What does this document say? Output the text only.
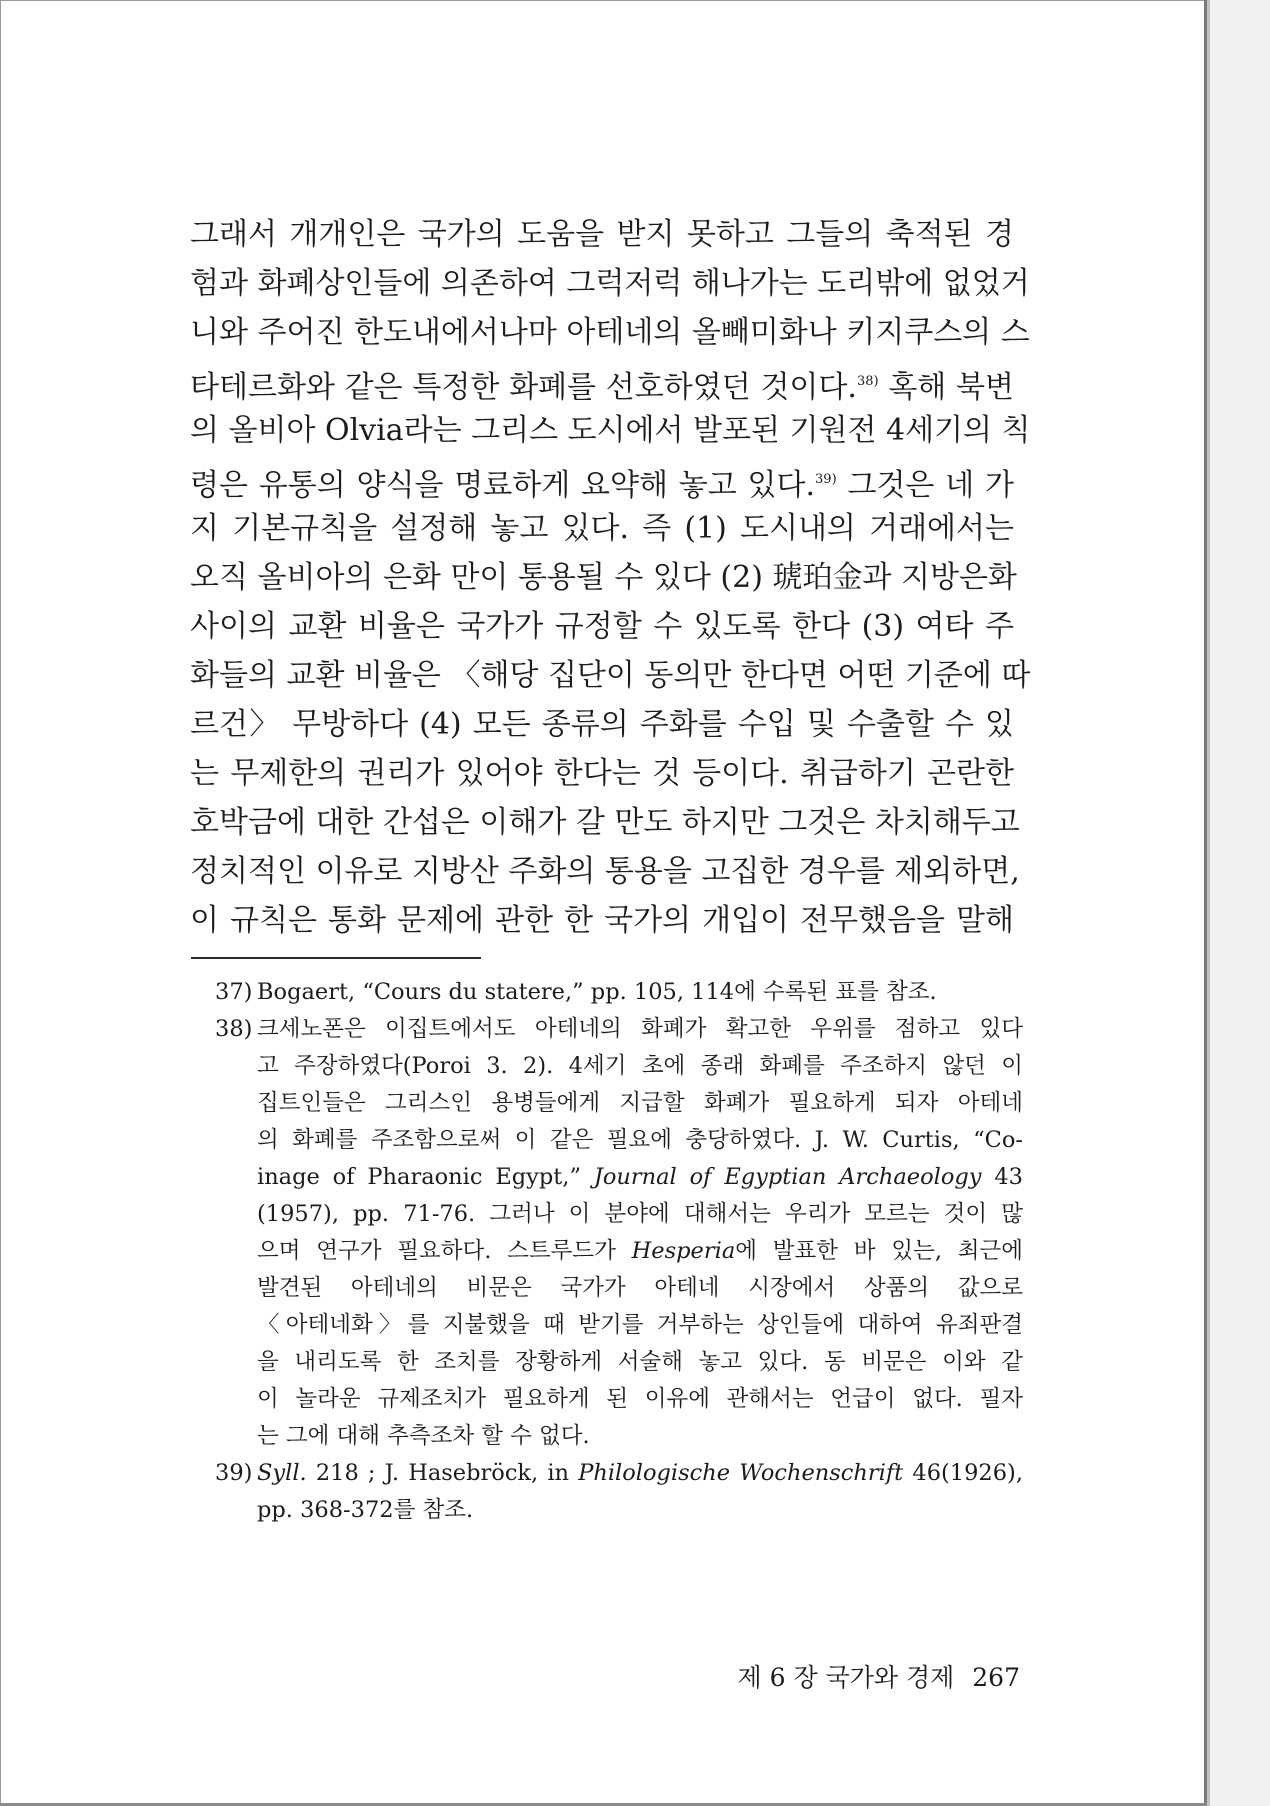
그래서 개개인은 국가의 도움을 받지 못하고 그들의 축적된 경
험과 화폐상인들에 의존하여 그럭저럭 해나가는 도리밖에 없었거
니와 주어진 한도내에서나마 아테네의 올빼미화나 키지쿠스의 스
타테르화와 같은 특정한 화폐를 선호하였던 것이다.$^{38)}$ 혹해 북변
의 올비아 Olvia라는 그리스 도시에서 발포된 기원전 4세기의 칙
령은 유통의 양식을 명료하게 요약해 놓고 있다.$^{39)}$ 그것은 네 가
지 기본규칙을 설정해 놓고 있다. 즉 (1) 도시내의 거래에서는
오직 올비아의 은화 만이 통용될 수 있다 (2) 琥珀金과 지방은화
사이의 교환 비율은 국가가 규정할 수 있도록 한다 (3) 여타 주
화들의 교환 비율은 〈해당 집단이 동의만 한다면 어떤 기준에 따
르건〉 무방하다 (4) 모든 종류의 주화를 수입 및 수출할 수 있
는 무제한의 권리가 있어야 한다는 것 등이다. 취급하기 곤란한
호박금에 대한 간섭은 이해가 갈 만도 하지만 그것은 차치해두고
정치적인 이유로 지방산 주화의 통용을 고집한 경우를 제외하면,
이 규칙은 통화 문제에 관한 한 국가의 개입이 전무했음을 말해
37) Bogaert, “Cours du statere,” pp. 105, 114에 수록된 표를 참조.
38) 크세노폰은 이집트에서도 아테네의 화폐가 확고한 우위를 점하고 있다
고 주장하였다(Poroi 3. 2). 4세기 초에 종래 화폐를 주조하지 않던 이
집트인들은 그리스인 용병들에게 지급할 화폐가 필요하게 되자 아테네
의 화폐를 주조함으로써 이 같은 필요에 충당하였다. J. W. Curtis, “Co-
inage of Pharaonic Egypt,” Journal of Egyptian Archaeology 43
(1957), pp. 71-76. 그러나 이 분야에 대해서는 우리가 모르는 것이 많
으며 연구가 필요하다. 스트루드가 Hesperia에 발표한 바 있는, 최근에
발견된 아테네의 비문은 국가가 아테네 시장에서 상품의 값으로
〈아테네화〉를 지불했을 때 받기를 거부하는 상인들에 대하여 유죄판결
을 내리도록 한 조치를 장황하게 서술해 놓고 있다. 동 비문은 이와 같
이 놀라운 규제조치가 필요하게 된 이유에 관해서는 언급이 없다. 필자
는 그에 대해 추측조차 할 수 없다.
39) Syll. 218 ; J. Hasebröck, in Philologische Wochenschrift 46(1926),
pp. 368-372를 참조.
제 6 장 국가와 경제 267
